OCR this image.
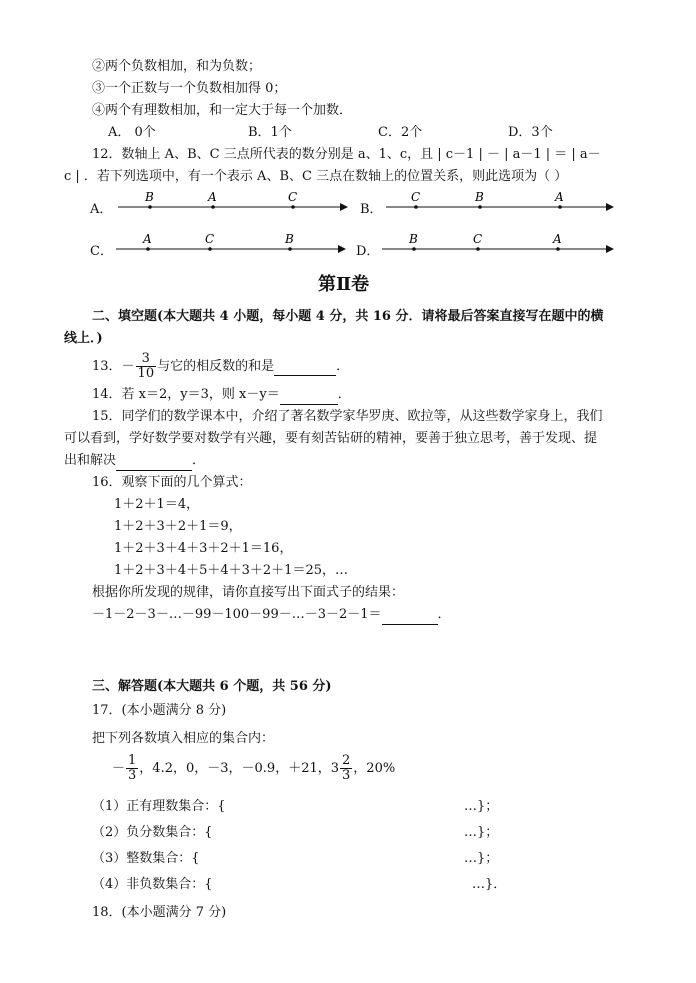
②两个负数相加，和为负数；
③一个正数与一个负数相加得 0；
④两个有理数相加，和一定大于每一个加数．
A． 0个	B．1个	C．2个	D．3个
12．数轴上 A、B、C 三点所代表的数分别是 a、1、c，且 | c－1 | － | a－1 | ＝ | a－
c | ．若下列选项中，有一个表示 A、B、C 三点在数轴上的位置关系，则此选项为（ ）
A．
B	A	C
B．
C	B	A
C．
A	C	B
D．
B	C	A
第Ⅱ卷
二、填空题(本大题共 4 小题，每小题 4 分，共 16 分．请将最后答案直接写在题中的横
线上．)
13．－ $\frac{3}{10}$ 与它的相反数的和是	．
14．若 x＝2，y＝3，则 x－y＝	．
15．同学们的数学课本中，介绍了著名数学家华罗庚、欧拉等，从这些数学家身上，我们
可以看到，学好数学要对数学有兴趣，要有刻苦钻研的精神，要善于独立思考，善于发现、提
出和解决	．
16．观察下面的几个算式：
1＋2＋1＝4，
1＋2＋3＋2＋1＝9，
1＋2＋3＋4＋3＋2＋1＝16，
1＋2＋3＋4＋5＋4＋3＋2＋1＝25，…
根据你所发现的规律，请你直接写出下面式子的结果：
－1－2－3－…－99－100－99－…－3－2－1＝	．
三、解答题(本大题共 6 个题，共 56 分)
17．(本小题满分 8 分)
把下列各数填入相应的集合内：
－ $\frac{1}{3}$ ，4.2，0，－3，－0.9，＋21，$3 \frac{2}{3}$ ，20%
（1）正有理数集合：{	…}；
（2）负分数集合：{	…}；
（3）整数集合：{	…}；
（4）非负数集合：{	…}．
18．(本小题满分 7 分)
